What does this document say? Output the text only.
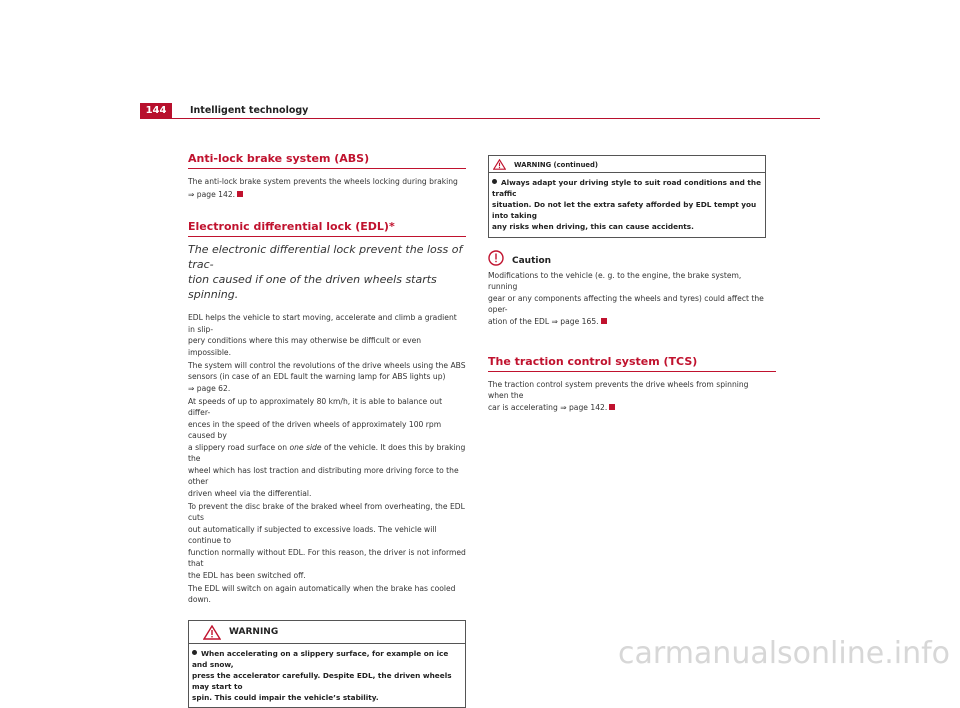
144	Intelligent technology
Anti-lock brake system (ABS)

The anti-lock brake system prevents the wheels locking during braking

⇒ page 142.

Electronic differential lock (EDL)*
The electronic differential lock prevent the loss of trac-
tion caused if one of the driven wheels starts spinning.

EDL helps the vehicle to start moving, accelerate and climb a gradient in slip-
pery conditions where this may otherwise be difficult or even impossible.

The system will control the revolutions of the drive wheels using the ABS
sensors (in case of an EDL fault the warning lamp for ABS lights up)
⇒ page 62.

At speeds of up to approximately 80 km/h, it is able to balance out differ-
ences in the speed of the driven wheels of approximately 100 rpm caused by
a slippery road surface on one side of the vehicle. It does this by braking the
wheel which has lost traction and distributing more driving force to the other
driven wheel via the differential.

To prevent the disc brake of the braked wheel from overheating, the EDL cuts
out automatically if subjected to excessive loads. The vehicle will continue to
function normally without EDL. For this reason, the driver is not informed that
the EDL has been switched off.

The EDL will switch on again automatically when the brake has cooled down.

WARNING

When accelerating on a slippery surface, for example on ice and snow,
press the accelerator carefully. Despite EDL, the driven wheels may start to
spin. This could impair the vehicle’s stability.

WARNING (continued)

Always adapt your driving style to suit road conditions and the traffic
situation. Do not let the extra safety afforded by EDL tempt you into taking
any risks when driving, this can cause accidents.

Caution

Modifications to the vehicle (e. g. to the engine, the brake system, running
gear or any components affecting the wheels and tyres) could affect the oper-
ation of the EDL ⇒ page 165.

The traction control system (TCS)

The traction control system prevents the drive wheels from spinning when the
car is accelerating ⇒ page 142.

carmanualsonline.info
